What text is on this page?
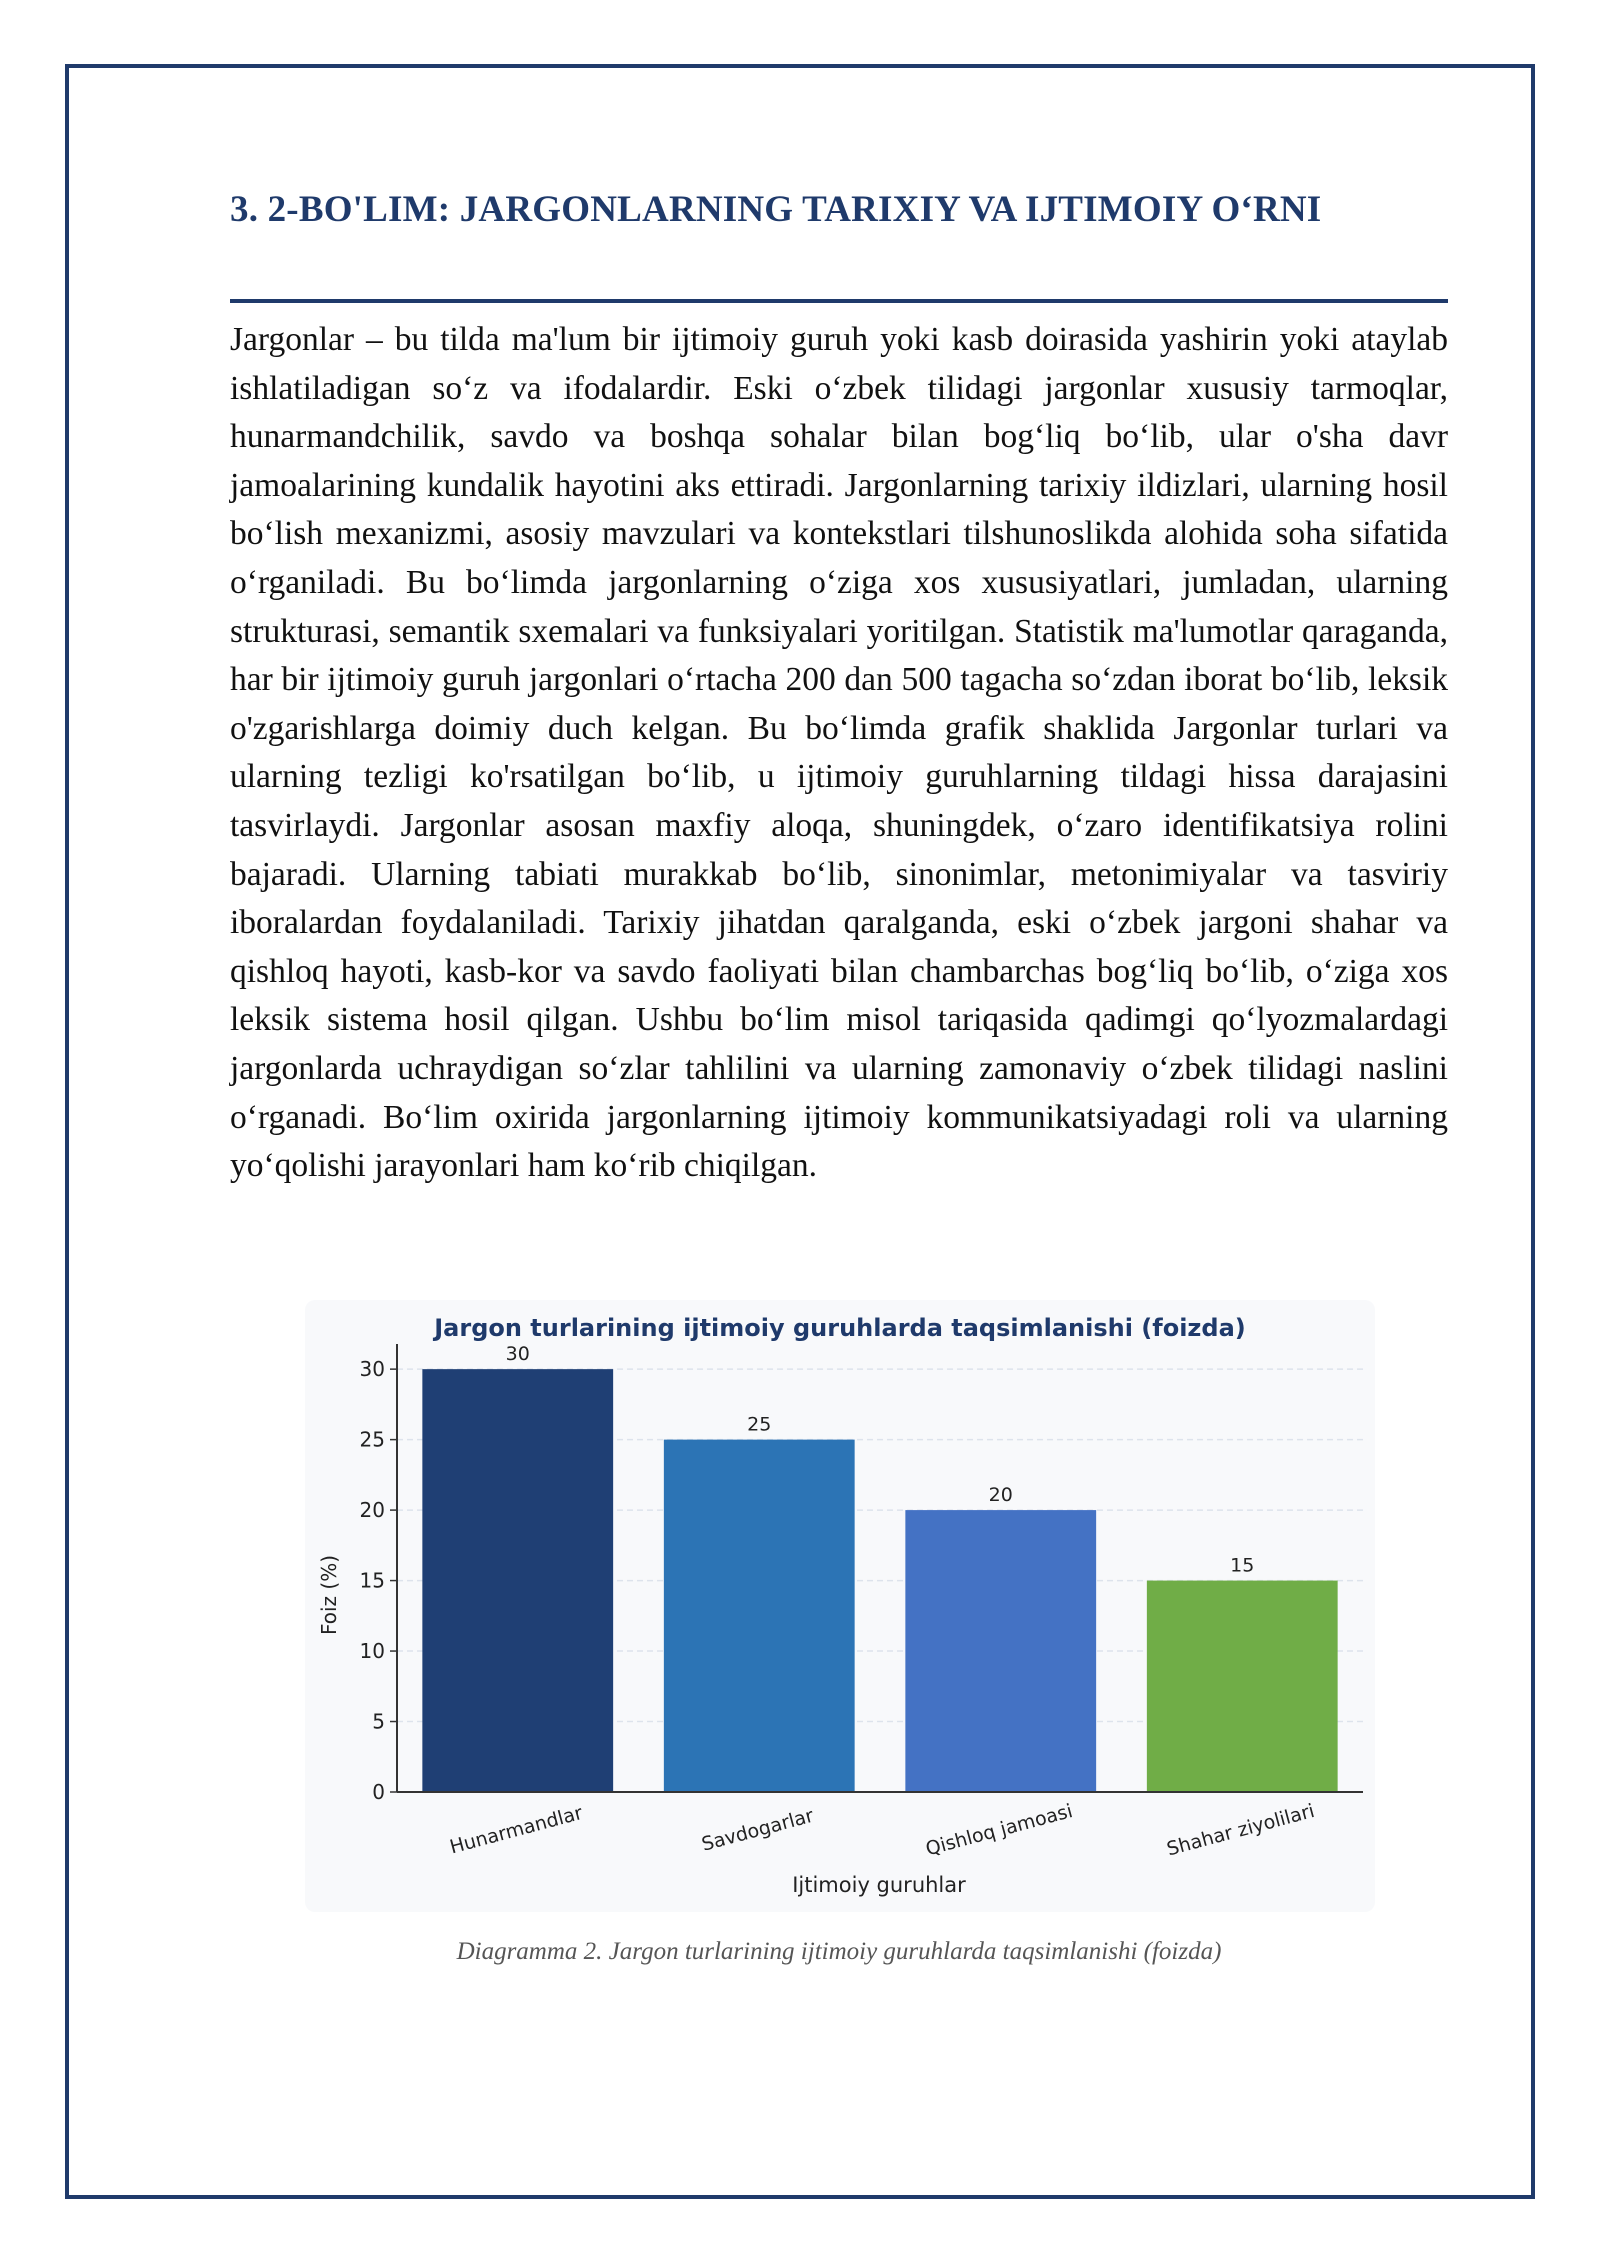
3. 2-BO'LIM: JARGONLARNING TARIXIY VA IJTIMOIY O‘RNI

Jargonlar – bu tilda ma'lum bir ijtimoiy guruh yoki kasb doirasida yashirin yoki ataylab ishlatiladigan so‘z va ifodalardir. Eski o‘zbek tilidagi jargonlar xususiy tarmoqlar, hunarmandchilik, savdo va boshqa sohalar bilan bog‘liq bo‘lib, ular o'sha davr jamoalarining kundalik hayotini aks ettiradi. Jargonlarning tarixiy ildizlari, ularning hosil bo‘lish mexanizmi, asosiy mavzulari va kontekstlari tilshunoslikda alohida soha sifatida o‘rganiladi. Bu bo‘limda jargonlarning o‘ziga xos xususiyatlari, jumladan, ularning strukturasi, semantik sxemalari va funksiyalari yoritilgan. Statistik ma'lumotlar qaraganda, har bir ijtimoiy guruh jargonlari o‘rtacha 200 dan 500 tagacha so‘zdan iborat bo‘lib, leksik o'zgarishlarga doimiy duch kelgan. Bu bo‘limda grafik shaklida Jargonlar turlari va ularning tezligi ko'rsatilgan bo‘lib, u ijtimoiy guruhlarning tildagi hissa darajasini tasvirlaydi. Jargonlar asosan maxfiy aloqa, shuningdek, o‘zaro identifikatsiya rolini bajaradi. Ularning tabiati murakkab bo‘lib, sinonimlar, metonimiyalar va tasviriy iboralardan foydalaniladi. Tarixiy jihatdan qaralganda, eski o‘zbek jargoni shahar va qishloq hayoti, kasb-kor va savdo faoliyati bilan chambarchas bog‘liq bo‘lib, o‘ziga xos leksik sistema hosil qilgan. Ushbu bo‘lim misol tariqasida qadimgi qo‘lyozmalardagi jargonlarda uchraydigan so‘zlar tahlilini va ularning zamonaviy o‘zbek tilidagi naslini o‘rganadi. Bo‘lim oxirida jargonlarning ijtimoiy kommunikatsiyadagi roli va ularning yo‘qolishi jarayonlari ham ko‘rib chiqilgan.

Jargon turlarining ijtimoiy guruhlarda taqsimlanishi (foizda)
30
25
20
15
0
5
10
15
20
25
30
Hunarmandlar	Savdogarlar	Qishloq jamoasi	Shahar ziyolilari
Foiz (%)
Ijtimoiy guruhlar

Diagramma 2. Jargon turlarining ijtimoiy guruhlarda taqsimlanishi (foizda)
